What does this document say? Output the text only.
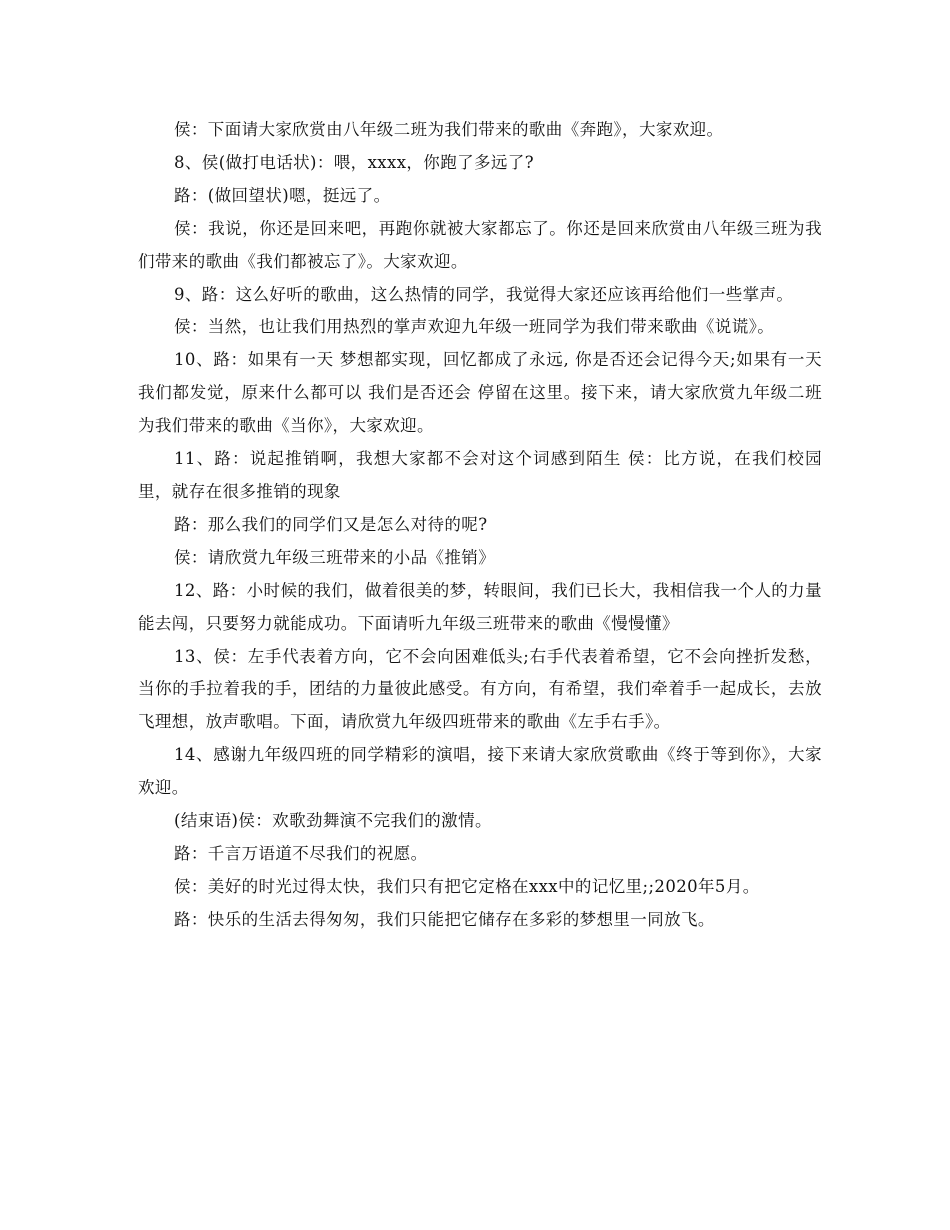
侯：下面请大家欣赏由八年级二班为我们带来的歌曲《奔跑》，大家欢迎。

8、侯(做打电话状)：喂，xxxx，你跑了多远了?

路：(做回望状)嗯，挺远了。

侯：我说，你还是回来吧，再跑你就被大家都忘了。你还是回来欣赏由八年级三班为我们带来的歌曲《我们都被忘了》。大家欢迎。

9、路：这么好听的歌曲，这么热情的同学，我觉得大家还应该再给他们一些掌声。

侯：当然，也让我们用热烈的掌声欢迎九年级一班同学为我们带来歌曲《说谎》。

10、路：如果有一天 梦想都实现，回忆都成了永远, 你是否还会记得今天;如果有一天我们都发觉，原来什么都可以 我们是否还会 停留在这里。接下来，请大家欣赏九年级二班为我们带来的歌曲《当你》，大家欢迎。

11、路：说起推销啊，我想大家都不会对这个词感到陌生 侯：比方说，在我们校园里，就存在很多推销的现象

路：那么我们的同学们又是怎么对待的呢?

侯：请欣赏九年级三班带来的小品《推销》

12、路：小时候的我们，做着很美的梦，转眼间，我们已长大，我相信我一个人的力量能去闯，只要努力就能成功。下面请听九年级三班带来的歌曲《慢慢懂》

13、侯：左手代表着方向，它不会向困难低头;右手代表着希望，它不会向挫折发愁，当你的手拉着我的手，团结的力量彼此感受。有方向，有希望，我们牵着手一起成长，去放飞理想，放声歌唱。下面，请欣赏九年级四班带来的歌曲《左手右手》。

14、感谢九年级四班的同学精彩的演唱，接下来请大家欣赏歌曲《终于等到你》，大家欢迎。

(结束语)侯：欢歌劲舞演不完我们的激情。

路：千言万语道不尽我们的祝愿。

侯：美好的时光过得太快，我们只有把它定格在xxx中的记忆里;;2020年5月。

路：快乐的生活去得匆匆，我们只能把它储存在多彩的梦想里一同放飞。
